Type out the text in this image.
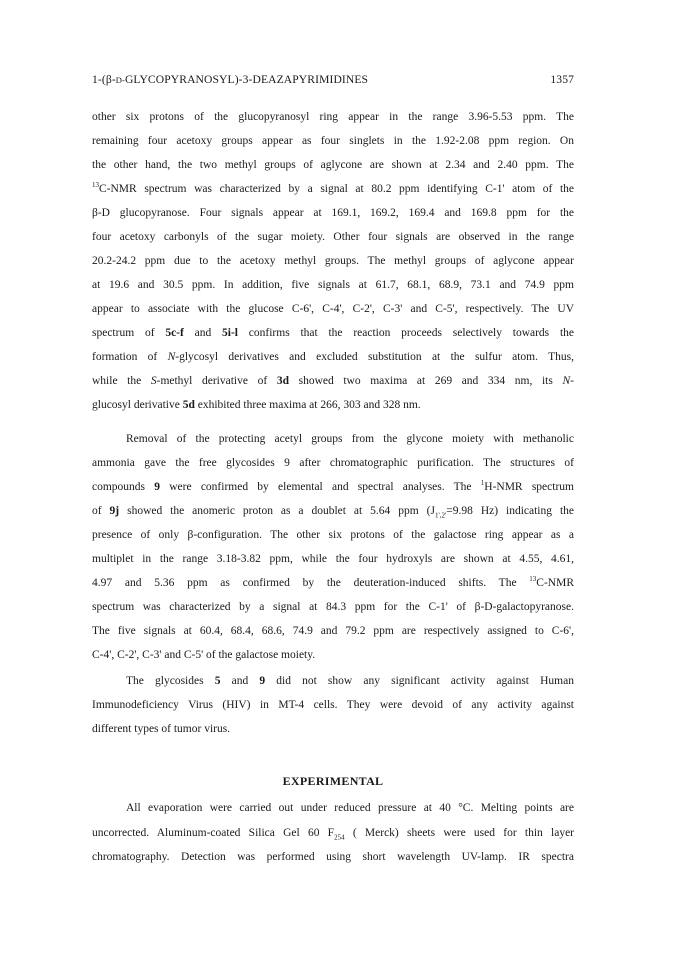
1-(β-D-GLYCOPYRANOSYL)-3-DEAZAPYRIMIDINES	1357
other six protons of the glucopyranosyl ring appear in the range 3.96-5.53 ppm. The
remaining four acetoxy groups appear as four singlets in the 1.92-2.08 ppm region. On
the other hand, the two methyl groups of aglycone are shown at 2.34 and 2.40 ppm. The
$^{13}$C-NMR spectrum was characterized by a signal at 80.2 ppm identifying C-1' atom of the
β-D glucopyranose. Four signals appear at 169.1, 169.2, 169.4 and 169.8 ppm for the
four acetoxy carbonyls of the sugar moiety. Other four signals are observed in the range
20.2-24.2 ppm due to the acetoxy methyl groups. The methyl groups of aglycone appear
at 19.6 and 30.5 ppm. In addition, five signals at 61.7, 68.1, 68.9, 73.1 and 74.9 ppm
appear to associate with the glucose C-6', C-4', C-2', C-3' and C-5', respectively. The UV
spectrum of 5c-f and 5i-l confirms that the reaction proceeds selectively towards the
formation of N-glycosyl derivatives and excluded substitution at the sulfur atom. Thus,
while the S-methyl derivative of 3d showed two maxima at 269 and 334 nm, its N-
glucosyl derivative 5d exhibited three maxima at 266, 303 and 328 nm.
Removal of the protecting acetyl groups from the glycone moiety with methanolic
ammonia gave the free glycosides 9 after chromatographic purification. The structures of
compounds 9 were confirmed by elemental and spectral analyses. The $^1$H-NMR spectrum
of 9j showed the anomeric proton as a doublet at 5.64 ppm ($J_{1',2'}=9.98$ Hz) indicating the
presence of only β-configuration. The other six protons of the galactose ring appear as a
multiplet in the range 3.18-3.82 ppm, while the four hydroxyls are shown at 4.55, 4.61,
4.97 and 5.36 ppm as confirmed by the deuteration-induced shifts. The $^{13}$C-NMR
spectrum was characterized by a signal at 84.3 ppm for the C-1' of β-D-galactopyranose.
The five signals at 60.4, 68.4, 68.6, 74.9 and 79.2 ppm are respectively assigned to C-6',
C-4', C-2', C-3' and C-5' of the galactose moiety.
The glycosides 5 and 9 did not show any significant activity against Human
Immunodeficiency Virus (HIV) in MT-4 cells. They were devoid of any activity against
different types of tumor virus.
EXPERIMENTAL
All evaporation were carried out under reduced pressure at 40 °C. Melting points are
uncorrected. Aluminum-coated Silica Gel 60 $F_{254}$ ( Merck) sheets were used for thin layer
chromatography. Detection was performed using short wavelength UV-lamp. IR spectra
